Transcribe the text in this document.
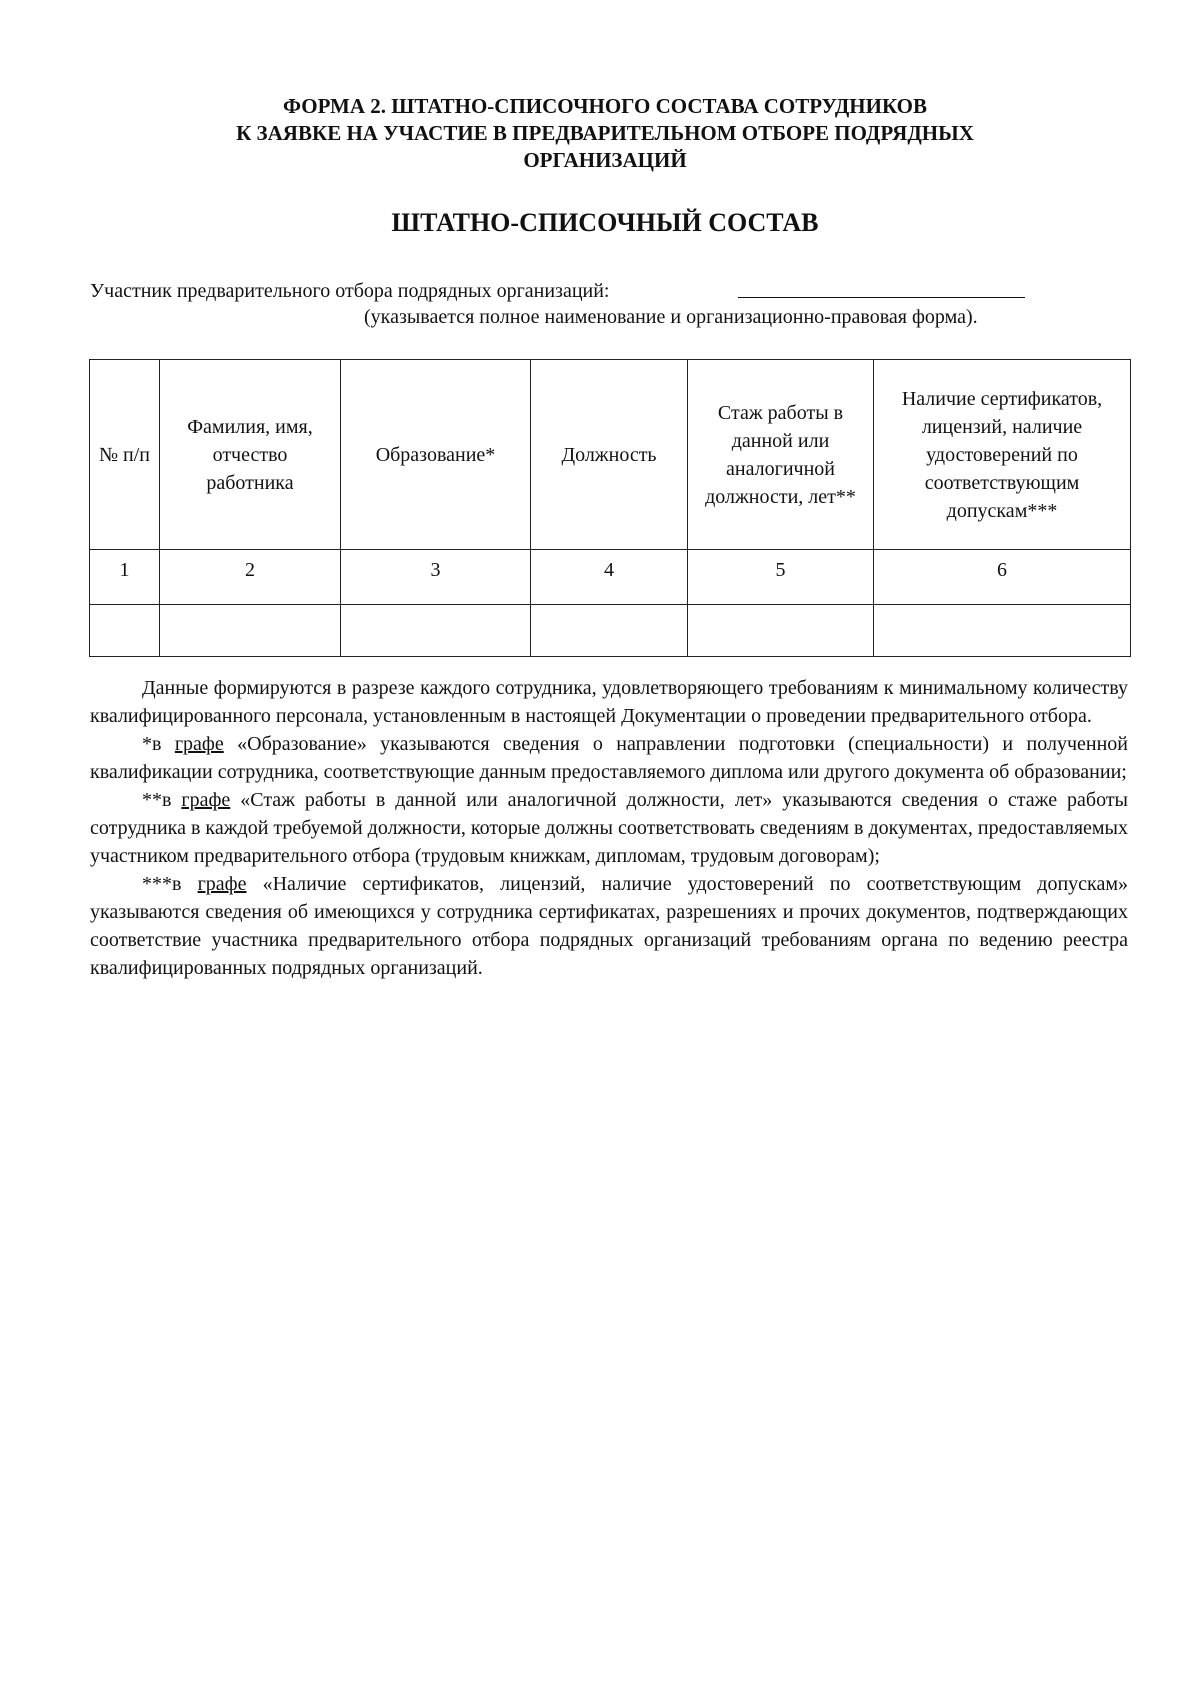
ФОРМА 2. ШТАТНО-СПИСОЧНОГО СОСТАВА СОТРУДНИКОВ
К ЗАЯВКЕ НА УЧАСТИЕ В ПРЕДВАРИТЕЛЬНОМ ОТБОРЕ ПОДРЯДНЫХ
ОРГАНИЗАЦИЙ
ШТАТНО-СПИСОЧНЫЙ СОСТАВ
Участник предварительного отбора подрядных организаций:
(указывается полное наименование и организационно-правовая форма).
№ п/п	Фамилия, имя, отчество работника	Образование*	Должность	Стаж работы в данной или аналогичной должности, лет**	Наличие сертификатов, лицензий, наличие удостоверений по соответствующим допускам***
1	2	3	4	5	6

Данные формируются в разрезе каждого сотрудника, удовлетворяющего требованиям к минимальному количеству квалифицированного персонала, установленным в настоящей Документации о проведении предварительного отбора.

*в графе «Образование» указываются сведения о направлении подготовки (специальности) и полученной квалификации сотрудника, соответствующие данным предоставляемого диплома или другого документа об образовании;

**в графе «Стаж работы в данной или аналогичной должности, лет» указываются сведения о стаже работы сотрудника в каждой требуемой должности, которые должны соответствовать сведениям в документах, предоставляемых участником предварительного отбора (трудовым книжкам, дипломам, трудовым договорам);

***в графе «Наличие сертификатов, лицензий, наличие удостоверений по соответствующим допускам» указываются сведения об имеющихся у сотрудника сертификатах, разрешениях и прочих документов, подтверждающих соответствие участника предварительного отбора подрядных организаций требованиям органа по ведению реестра квалифицированных подрядных организаций.
